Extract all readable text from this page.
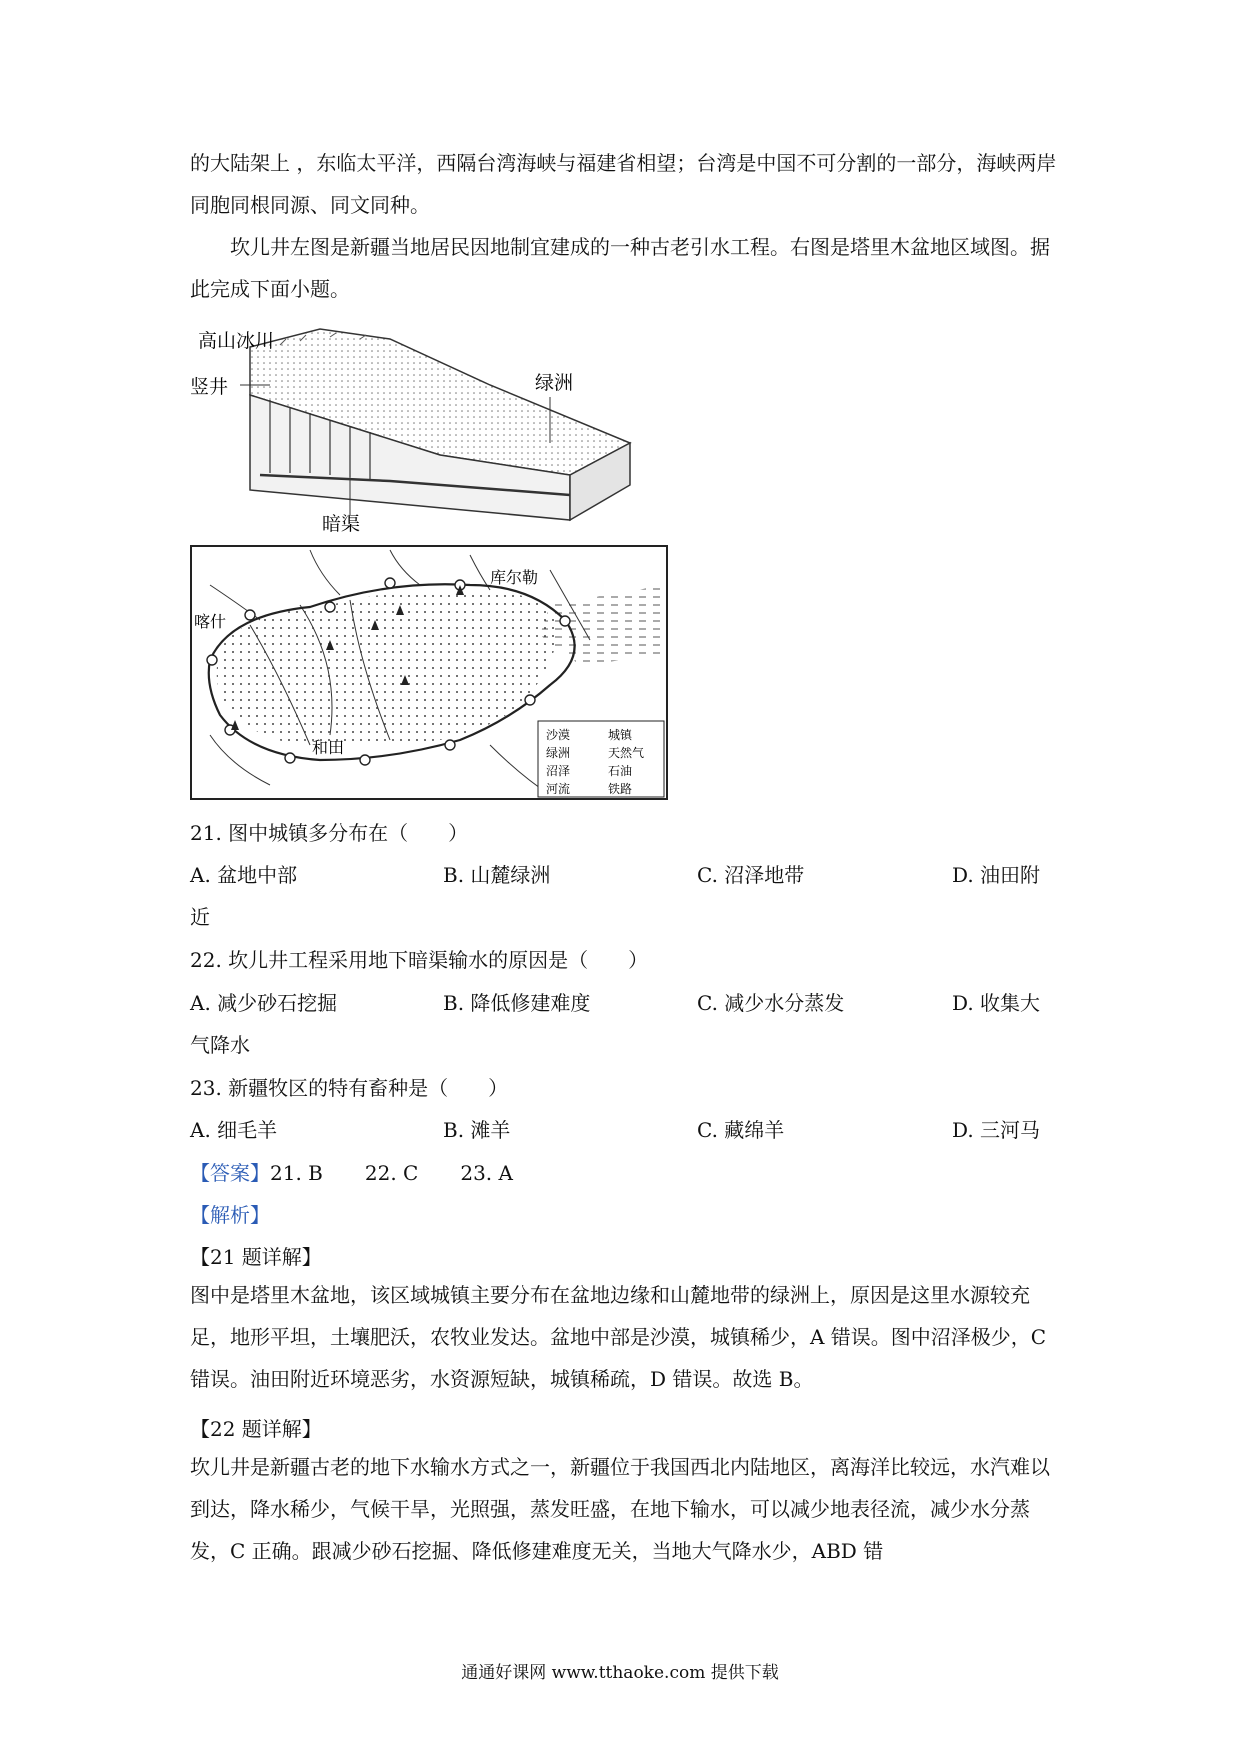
的大陆架上 ，东临太平洋，西隔台湾海峡与福建省相望；台湾是中国不可分割的一部分，海峡两岸同胞同根同源、同文同种。

坎儿井左图是新疆当地居民因地制宜建成的一种古老引水工程。右图是塔里木盆地区域图。据此完成下面小题。

高山冰川
竖井	绿洲
暗渠
库尔勒
喀什
和田
沙漠	城镇
绿洲	天然气
沼泽	石油
河流	铁路
21. 图中城镇多分布在（　　）
A. 盆地中部	B. 山麓绿洲	C. 沼泽地带	D. 油田附
近
22. 坎儿井工程采用地下暗渠输水的原因是（　　）
A. 减少砂石挖掘	B. 降低修建难度	C. 减少水分蒸发	D. 收集大
气降水
23. 新疆牧区的特有畜种是（　　）
A. 细毛羊	B. 滩羊	C. 藏绵羊	D. 三河马
【答案】21. B 22. C 23. A
【解析】
【21 题详解】

图中是塔里木盆地，该区域城镇主要分布在盆地边缘和山麓地带的绿洲上，原因是这里水源较充足，地形平坦，土壤肥沃，农牧业发达。盆地中部是沙漠，城镇稀少，A 错误。图中沼泽极少，C 错误。油田附近环境恶劣，水资源短缺，城镇稀疏，D 错误。故选 B。

【22 题详解】

坎儿井是新疆古老的地下水输水方式之一，新疆位于我国西北内陆地区，离海洋比较远，水汽难以到达，降水稀少，气候干旱，光照强，蒸发旺盛，在地下输水，可以减少地表径流，减少水分蒸发，C 正确。跟减少砂石挖掘、降低修建难度无关，当地大气降水少，ABD 错

通通好课网 www.tthaoke.com 提供下载
